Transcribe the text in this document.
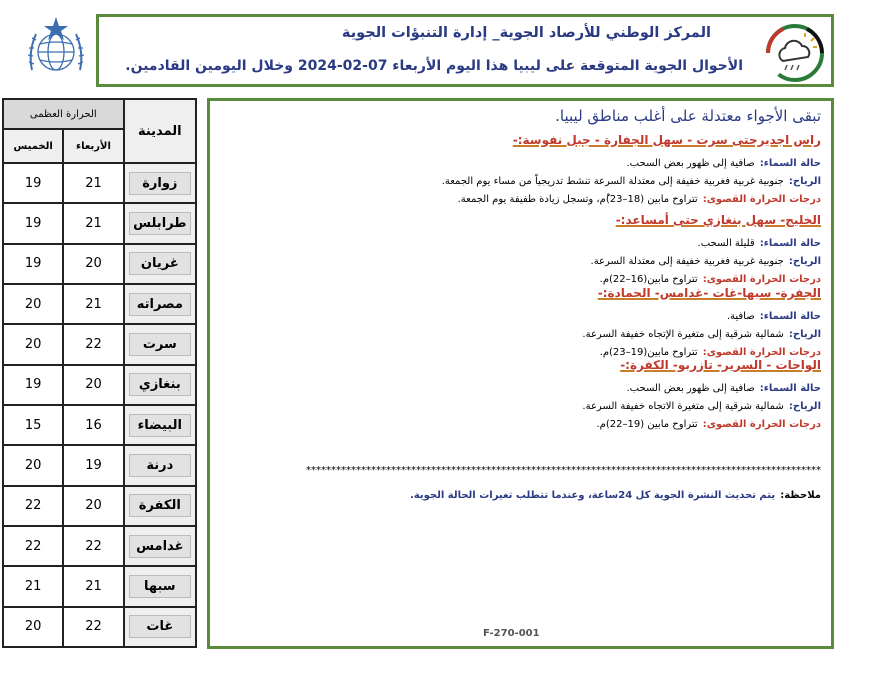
المركز الوطني للأرصاد الجوية_ إدارة التنبؤات الجوية
الأحوال الجوية المتوقعة على ليبيا هذا اليوم الأربعاء 07-02-2024 وخلال اليومين القادمين.
الحرارة العظمى		المدينة
الخميس	الأربعاء	
19	21	زوارة

19	21	طرابلس

19	20	غريان

20	21	مصراته

20	22	سرت

19	20	بنغازي

15	16	البيضاء

20	19	درنة

22	20	الكفرة

22	22	غدامس

21	21	سبها

20	22	غات
تبقى الأجواء معتدلة على أغلب مناطق ليبيا.
راس اجديرحتى سرت - سهل الجفارة - جبل نفوسة:-
حالة السماء: صافية إلى ظهور بعض السحب.
الرياح: جنوبية غربية فغربية خفيفة إلى معتدلة السرعة تنشط تدريجياً من مساء يوم الجمعة.
درجات الحرارة القصوى: تتراوح مابين (18–23)ْم، وتسجل زيادة طفيفة يوم الجمعة.
الخليج- سهل بنغازي حتى أمساعد:-
حالة السماء: قليلة السحب.
الرياح: جنوبية غربية فغربية خفيفة إلى معتدلة السرعة.
درجات الحرارة القصوى: تتراوح مابين(16–22)م.
الجفرة- سبها-غات -غدامس- الحمادة:-
حالة السماء: صافية.
الرياح: شمالية شرقية إلى متغيرة الإتجاه خفيفة السرعة.
درجات الحرارة القصوى: تتراوح مابين(19–23)م.
الواحات - السرير- تازربو- الكفرة:-
حالة السماء: صافية إلى ظهور بعض السحب.
الرياح: شمالية شرقية إلى متغيرة الاتجاه خفيفة السرعة.
درجات الحرارة القصوى: تتراوح مابين (19–22)م.
*******************************************************************************************************
ملاحظة: يتم تحديث النشرة الجوية كل 24ساعة، وعندما تتطلب تغيرات الحالة الجوية.
F-270-001
